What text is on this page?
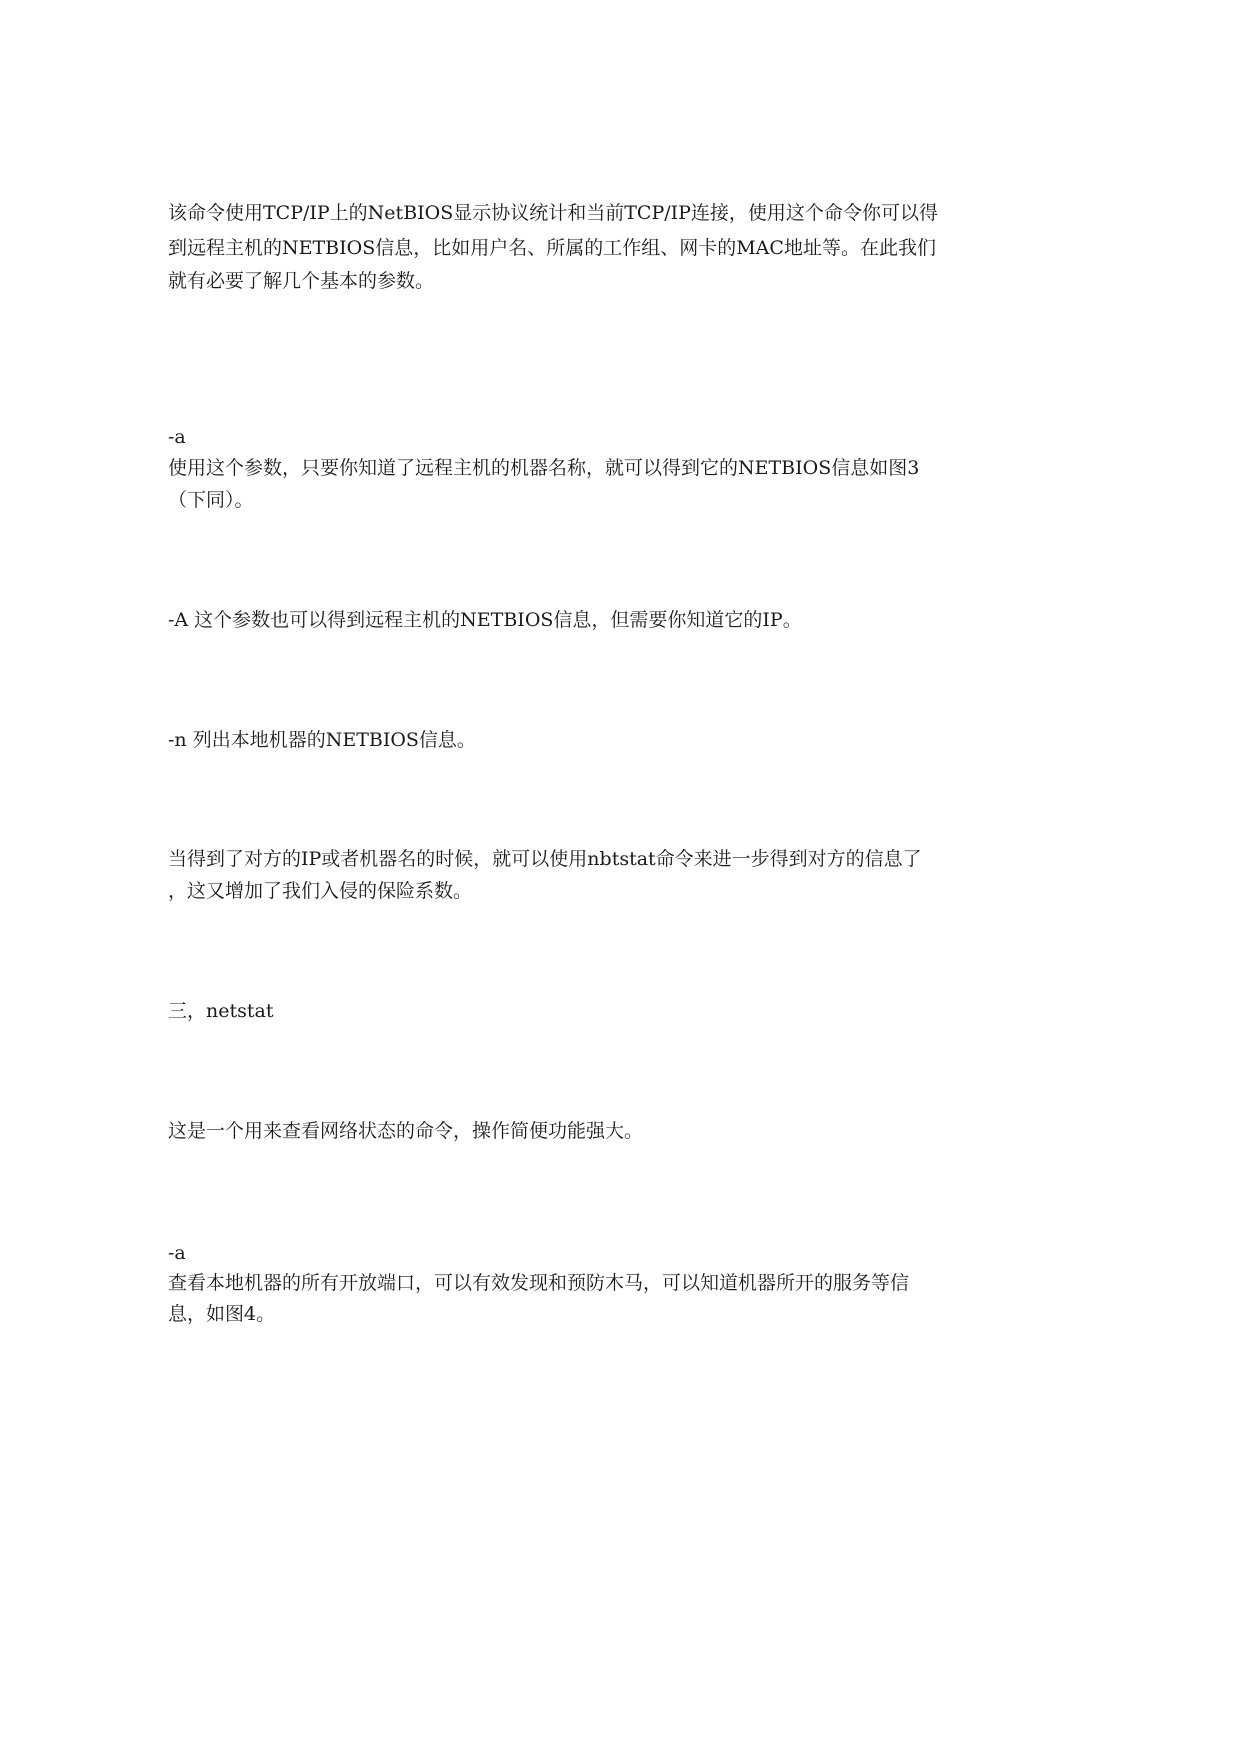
该命令使用TCP/IP上的NetBIOS显示协议统计和当前TCP/IP连接，使用这个命令你可以得

到远程主机的NETBIOS信息，比如用户名、所属的工作组、网卡的MAC地址等。在此我们

就有必要了解几个基本的参数。

-a

使用这个参数，只要你知道了远程主机的机器名称，就可以得到它的NETBIOS信息如图3

（下同）。

-A 这个参数也可以得到远程主机的NETBIOS信息，但需要你知道它的IP。

-n 列出本地机器的NETBIOS信息。

当得到了对方的IP或者机器名的时候，就可以使用nbtstat命令来进一步得到对方的信息了

，这又增加了我们入侵的保险系数。

三，netstat

这是一个用来查看网络状态的命令，操作简便功能强大。

-a

查看本地机器的所有开放端口，可以有效发现和预防木马，可以知道机器所开的服务等信

息，如图4。
